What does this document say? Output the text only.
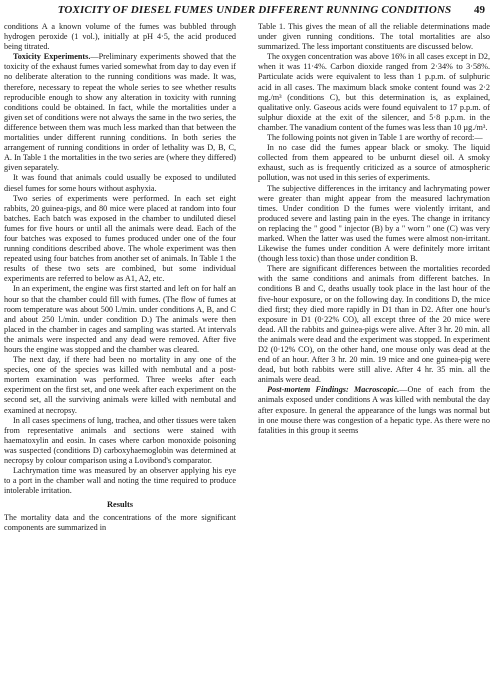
TOXICITY OF DIESEL FUMES UNDER DIFFERENT RUNNING CONDITIONS	49

conditions A a known volume of the fumes was bubbled through hydrogen peroxide (1 vol.), initially at pH 4·5, the acid produced being titrated.

Toxicity Experiments.—Preliminary experiments showed that the toxicity of the exhaust fumes varied somewhat from day to day even if no deliberate alteration to the running conditions was made. It was, therefore, necessary to repeat the whole series to see whether results reproducible enough to show any alteration in toxicity with running conditions could be obtained. In fact, while the mortalities under a given set of conditions were not always the same in the two series, the difference between them was much less marked than that between the mortalities under different running conditions. In both series the arrangement of running conditions in order of lethality was D, B, C, A. In Table 1 the mortalities in the two series are (where they differed) given separately.

It was found that animals could usually be exposed to undiluted diesel fumes for some hours without asphyxia.

Two series of experiments were performed. In each set eight rabbits, 20 guinea-pigs, and 80 mice were placed at random into four batches. Each batch was exposed in the chamber to undiluted diesel fumes for five hours or until all the animals were dead. Each of the four batches was exposed to fumes produced under one of the four running conditions described above. The whole experiment was then repeated using four batches from another set of animals. In Table 1 the results of these two sets are combined, but some individual experiments are referred to below as A1, A2, etc.

In an experiment, the engine was first started and left on for half an hour so that the chamber could fill with fumes. (The flow of fumes at room temperature was about 500 l./min. under conditions A, B, and C and about 250 l./min. under condition D.) The animals were then placed in the chamber in cages and sampling was started. At intervals the animals were inspected and any dead were removed. After five hours the engine was stopped and the chamber was cleared.

The next day, if there had been no mortality in any one of the species, one of the species was killed with nembutal and a post-mortem examination was performed. Three weeks after each experiment on the first set, and one week after each experiment on the second set, all the surviving animals were killed with nembutal and examined at necropsy.

In all cases specimens of lung, trachea, and other tissues were taken from representative animals and sections were stained with haematoxylin and eosin. In cases where carbon monoxide poisoning was suspected (conditions D) carboxyhaemoglobin was determined at necropsy by colour comparison using a Lovibond's comparator.

Lachrymation time was measured by an observer applying his eye to a port in the chamber wall and noting the time required to produce intolerable irritation.

Results

The mortality data and the concentrations of the more significant components are summarized in

Table 1. This gives the mean of all the reliable determinations made under given running conditions. The total mortalities are also summarized. The less important constituents are discussed below.

The oxygen concentration was above 16% in all cases except in D2, when it was 11·4%. Carbon dioxide ranged from 2·34% to 3·58%. Particulate acids were equivalent to less than 1 p.p.m. of sulphuric acid in all cases. The maximum black smoke content found was 2·2 mg./m³ (conditions C), but this determination is, as explained, qualitative only. Gaseous acids were found equivalent to 17 p.p.m. of sulphur dioxide at the exit of the silencer, and 5·8 p.p.m. in the chamber. The vanadium content of the fumes was less than 10 µg./m³.

The following points not given in Table 1 are worthy of record:—

In no case did the fumes appear black or smoky. The liquid collected from them appeared to be unburnt diesel oil. A smoky exhaust, such as is frequently criticized as a source of atmospheric pollution, was not used in this series of experiments.

The subjective differences in the irritancy and lachrymating power were greater than might appear from the measured lachrymation times. Under condition D the fumes were violently irritant, and produced severe and lasting pain in the eyes. The change in irritancy on replacing the " good " injector (B) by a " worn " one (C) was very marked. When the latter was used the fumes were almost non-irritant. Likewise the fumes under condition A were definitely more irritant (though less toxic) than those under condition B.

There are significant differences between the mortalities recorded with the same conditions and animals from different batches. In conditions B and C, deaths usually took place in the last hour of the five-hour exposure, or on the following day. In conditions D, the mice died first; they died more rapidly in D1 than in D2. After one hour's exposure in D1 (0·22% CO), all except three of the 20 mice were dead. All the rabbits and guinea-pigs were alive. After 3 hr. 20 min. all the animals were dead and the experiment was stopped. In experiment D2 (0·12% CO), on the other hand, one mouse only was dead at the end of an hour. After 3 hr. 20 min. 19 mice and one guinea-pig were dead, but both rabbits were still alive. After 4 hr. 35 min. all the animals were dead.

Post-mortem Findings: Macroscopic.—One of each from the animals exposed under conditions A was killed with nembutal the day after exposure. In general the appearance of the lungs was normal but in one mouse there was congestion of a hepatic type. As there were no fatalities in this group it seems
